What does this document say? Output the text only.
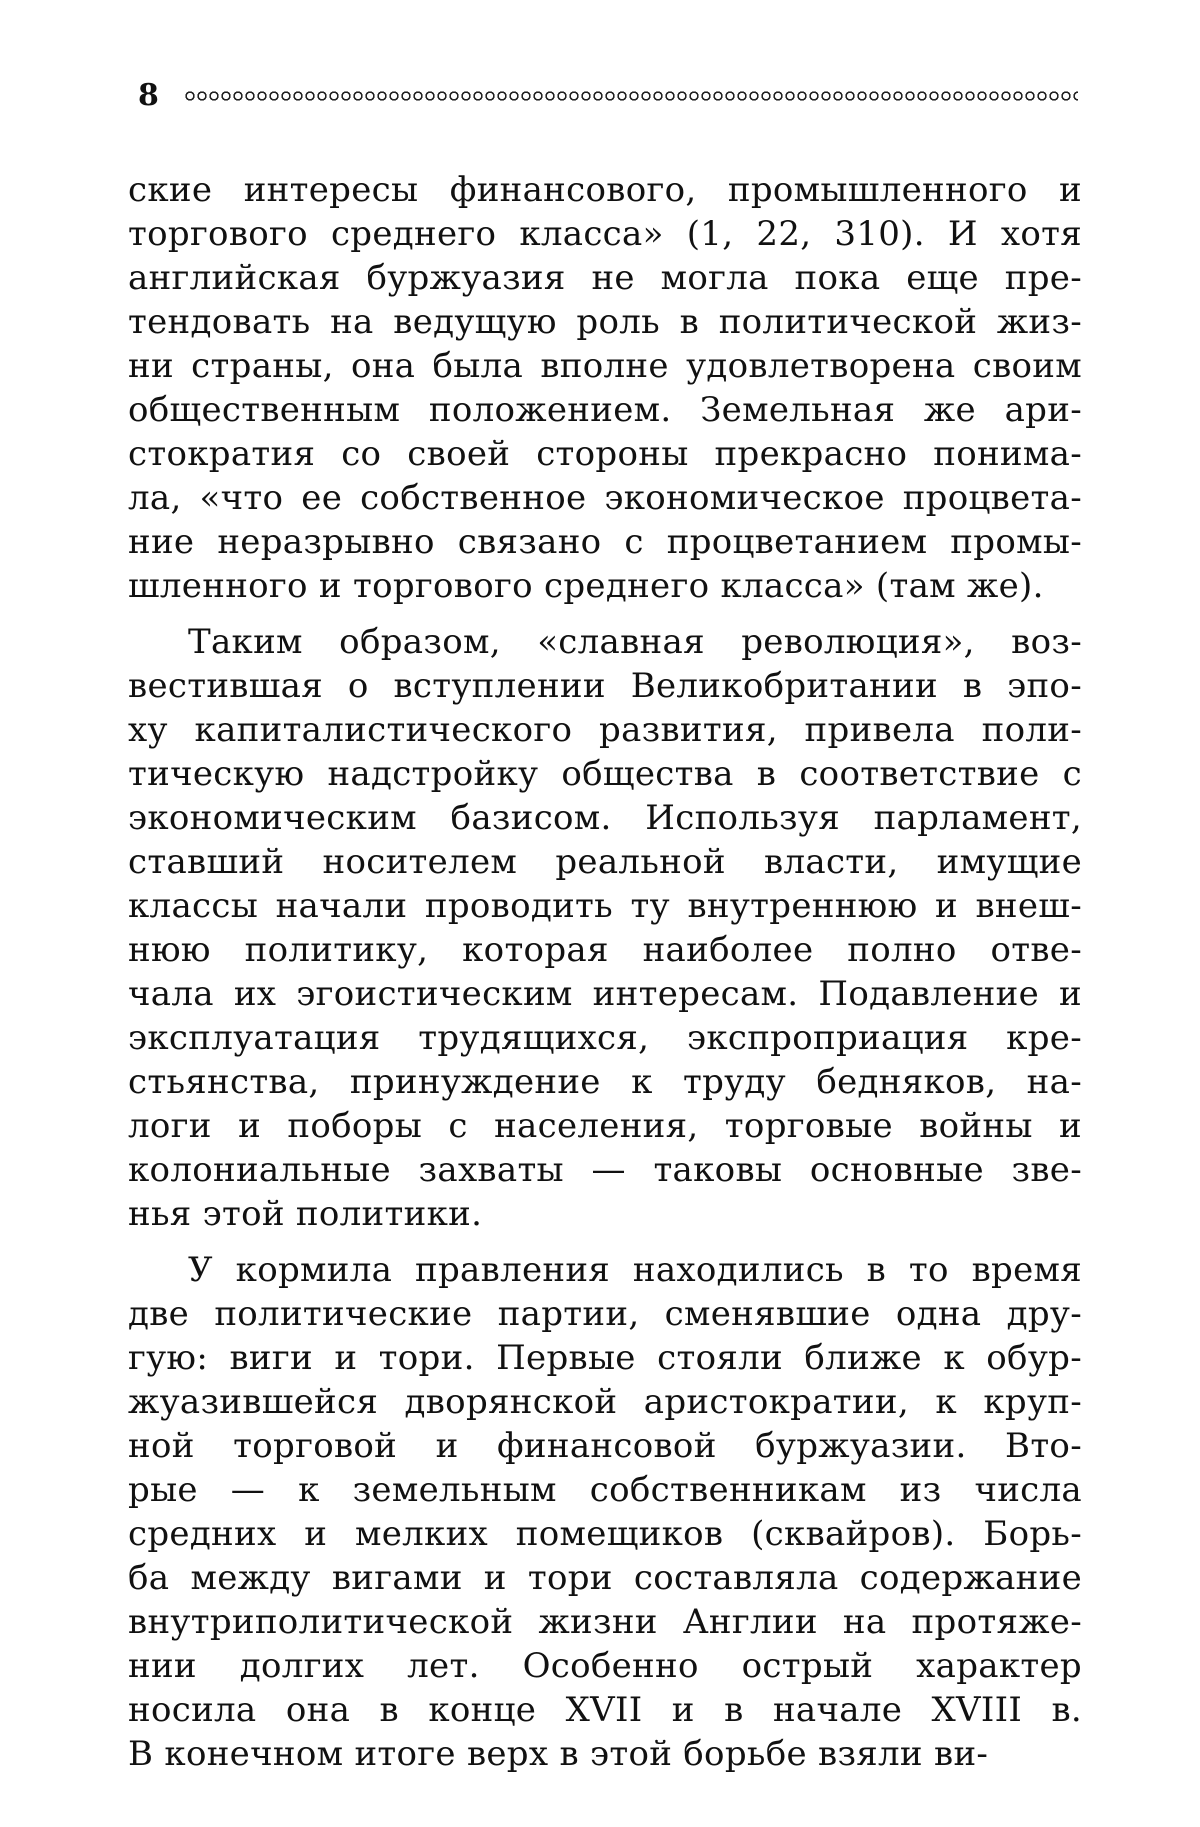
8
ские интересы финансового, промышленного и
торгового среднего класса» (1, 22, 310). И хотя
английская буржуазия не могла пока еще пре-
тендовать на ведущую роль в политической жиз-
ни страны, она была вполне удовлетворена своим
общественным положением. Земельная же ари-
стократия со своей стороны прекрасно понима-
ла, «что ее собственное экономическое процвета-
ние неразрывно связано с процветанием промы-
шленного и торгового среднего класса» (там же).
Таким образом, «славная революция», воз-
вестившая о вступлении Великобритании в эпо-
ху капиталистического развития, привела поли-
тическую надстройку общества в соответствие с
экономическим базисом. Используя парламент,
ставший носителем реальной власти, имущие
классы начали проводить ту внутреннюю и внеш-
нюю политику, которая наиболее полно отве-
чала их эгоистическим интересам. Подавление и
эксплуатация трудящихся, экспроприация кре-
стьянства, принуждение к труду бедняков, на-
логи и поборы с населения, торговые войны и
колониальные захваты — таковы основные зве-
нья этой политики.
У кормила правления находились в то время
две политические партии, сменявшие одна дру-
гую: виги и тори. Первые стояли ближе к обур-
жуазившейся дворянской аристократии, к круп-
ной торговой и финансовой буржуазии. Вто-
рые — к земельным собственникам из числа
средних и мелких помещиков (сквайров). Борь-
ба между вигами и тори составляла содержание
внутриполитической жизни Англии на протяже-
нии долгих лет. Особенно острый характер
носила она в конце XVII и в начале XVIII в.
В конечном итоге верх в этой борьбе взяли ви-
